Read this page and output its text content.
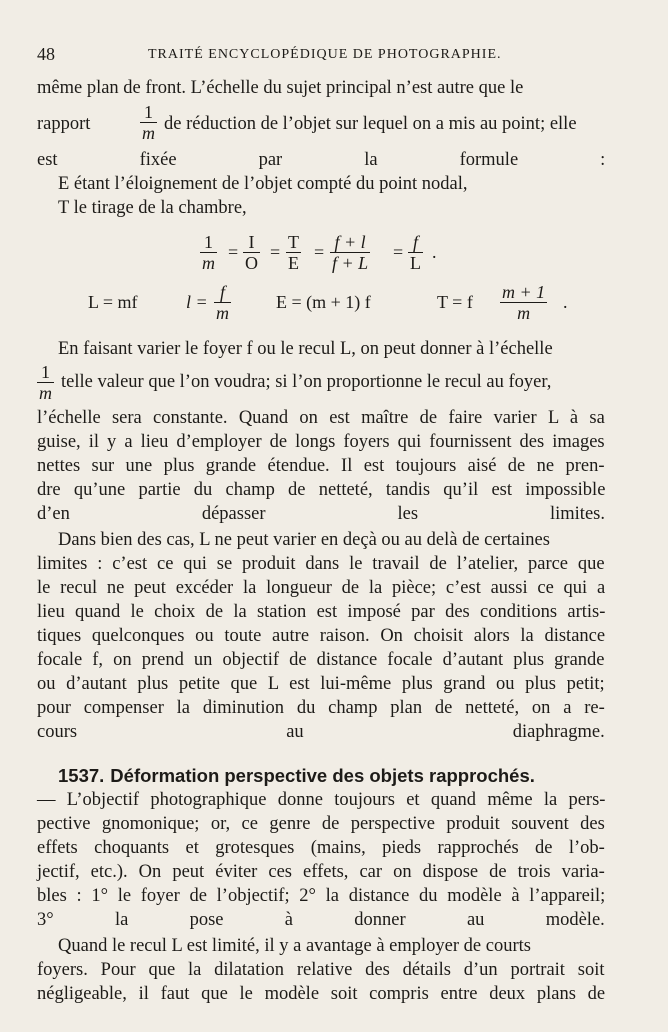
48	TRAITÉ ENCYCLOPÉDIQUE DE PHOTOGRAPHIE.
même plan de front. L’échelle du sujet principal n’est autre que le
rapport	$\frac{1}{m}$ de réduction de l’objet sur lequel on a mis au point; elle
est fixée par la formule :
E étant l’éloignement de l’objet compté du point nodal,
T le tirage de la chambre,
$\frac{1}{m} = \frac{I}{O} = \frac{T}{E} = \frac{f + l}{f + L} = \frac{f}{L}$ .
L = mf	$l = \frac{f}{m}$	E = (m + 1) f	T = f $\frac{m + 1}{m}$ .
En faisant varier le foyer f ou le recul L, on peut donner à l’échelle
$\frac{1}{m}$ telle valeur que l’on voudra; si l’on proportionne le recul au foyer,
l’échelle sera constante. Quand on est maître de faire varier L à sa
guise, il y a lieu d’employer de longs foyers qui fournissent des images
nettes sur une plus grande étendue. Il est toujours aisé de ne pren-
dre qu’une partie du champ de netteté, tandis qu’il est impossible
d’en dépasser les limites.
Dans bien des cas, L ne peut varier en deçà ou au delà de certaines
limites : c’est ce qui se produit dans le travail de l’atelier, parce que
le recul ne peut excéder la longueur de la pièce; c’est aussi ce qui a
lieu quand le choix de la station est imposé par des conditions artis-
tiques quelconques ou toute autre raison. On choisit alors la distance
focale f, on prend un objectif de distance focale d’autant plus grande
ou d’autant plus petite que L est lui-même plus grand ou plus petit;
pour compenser la diminution du champ plan de netteté, on a re-
cours au diaphragme.
1537. Déformation perspective des objets rapprochés.
— L’objectif photographique donne toujours et quand même la pers-
pective gnomonique; or, ce genre de perspective produit souvent des
effets choquants et grotesques (mains, pieds rapprochés de l’ob-
jectif, etc.). On peut éviter ces effets, car on dispose de trois varia-
bles : 1° le foyer de l’objectif; 2° la distance du modèle à l’appareil;
3° la pose à donner au modèle.
Quand le recul L est limité, il y a avantage à employer de courts
foyers. Pour que la dilatation relative des détails d’un portrait soit
négligeable, il faut que le modèle soit compris entre deux plans de
